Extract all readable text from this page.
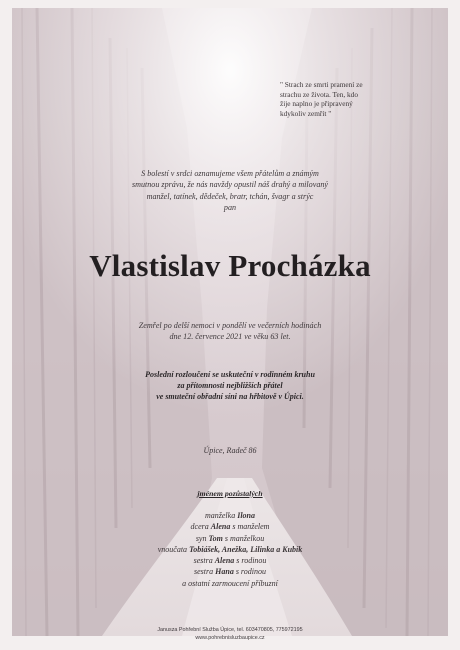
" Strach ze smrti pramení ze
strachu ze života. Ten, kdo
žije naplno je připravený
kdykoliv zemřít "
S bolestí v srdci oznamujeme všem přátelům a známým
smutnou zprávu, že nás navždy opustil náš drahý a milovaný
manžel, tatínek, dědeček, bratr, tchán, švagr a strýc
pan
Vlastislav Procházka
Zemřel po delší nemoci v pondělí ve večerních hodinách
dne 12. července 2021 ve věku 63 let.
Poslední rozloučení se uskuteční v rodinném kruhu
za přítomnosti nejbližších přátel
ve smuteční obřadní síni na hřbitově v Úpici.
Úpice, Radeč 86
jménem pozůstalých
manželka Ilona
dcera Alena s manželem
syn Tom s manželkou
vnoučata Tobiášek, Anežka, Lilinka a Kubík
sestra Alena s rodinou
sestra Hana s rodinou
a ostatní zarmoucení příbuzní
Janusza Pohřební Služba Úpice, tel. 603470805, 775972195
www.pohrebnisluzbaupice.cz
